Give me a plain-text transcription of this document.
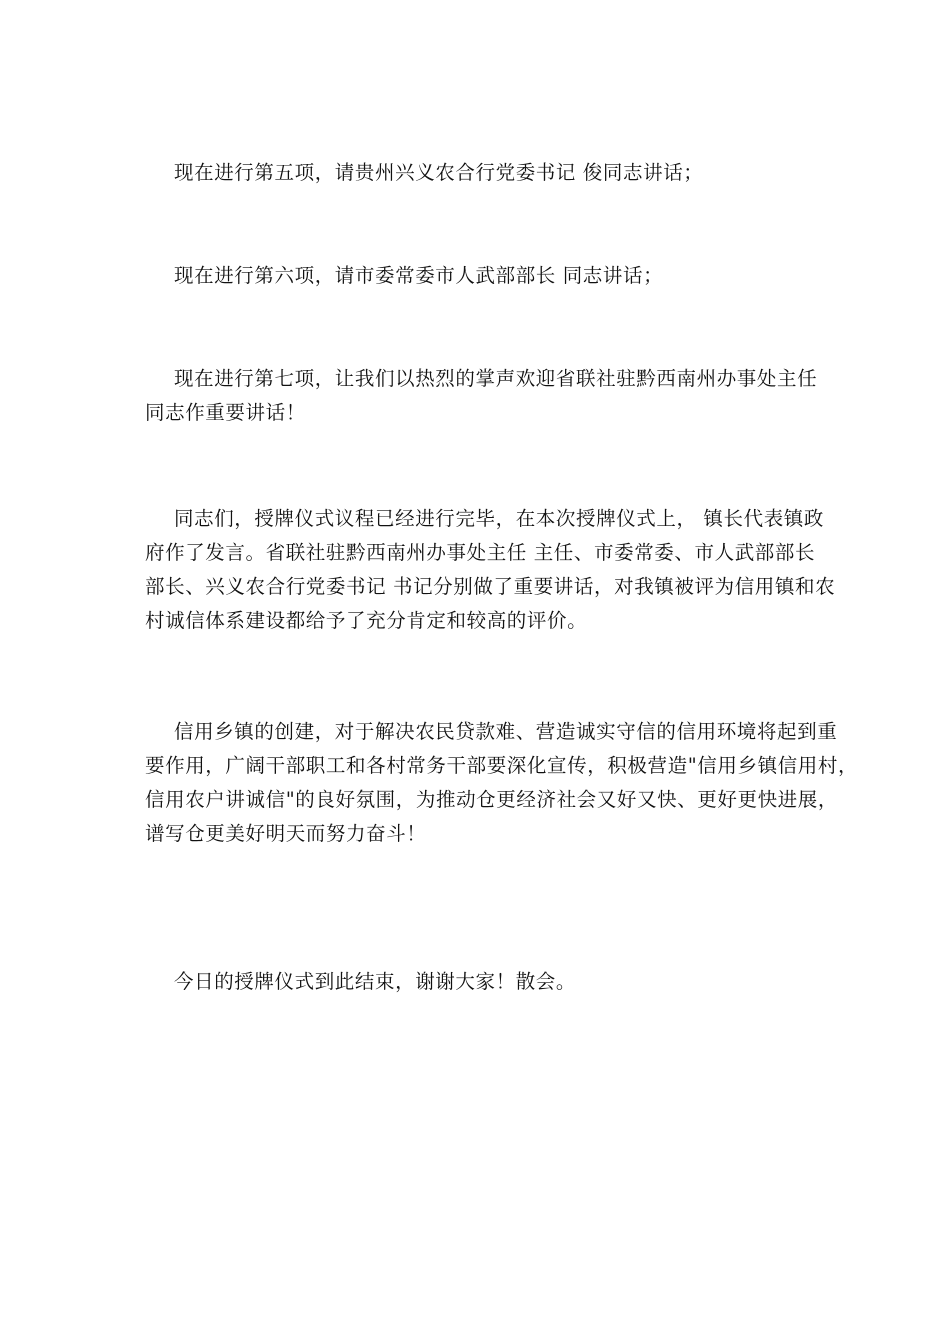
现在进行第五项，请贵州兴义农合行党委书记 俊同志讲话；
现在进行第六项，请市委常委市人武部部长 同志讲话；
现在进行第七项，让我们以热烈的掌声欢迎省联社驻黔西南州办事处主任
同志作重要讲话！
同志们，授牌仪式议程已经进行完毕，在本次授牌仪式上， 镇长代表镇政
府作了发言。省联社驻黔西南州办事处主任 主任、市委常委、市人武部部长
部长、兴义农合行党委书记 书记分别做了重要讲话，对我镇被评为信用镇和农
村诚信体系建设都给予了充分肯定和较高的评价。
信用乡镇的创建，对于解决农民贷款难、营造诚实守信的信用环境将起到重
要作用，广阔干部职工和各村常务干部要深化宣传，积极营造"信用乡镇信用村，
信用农户讲诚信"的良好氛围，为推动仓更经济社会又好又快、更好更快进展，
谱写仓更美好明天而努力奋斗！
今日的授牌仪式到此结束，谢谢大家！散会。
